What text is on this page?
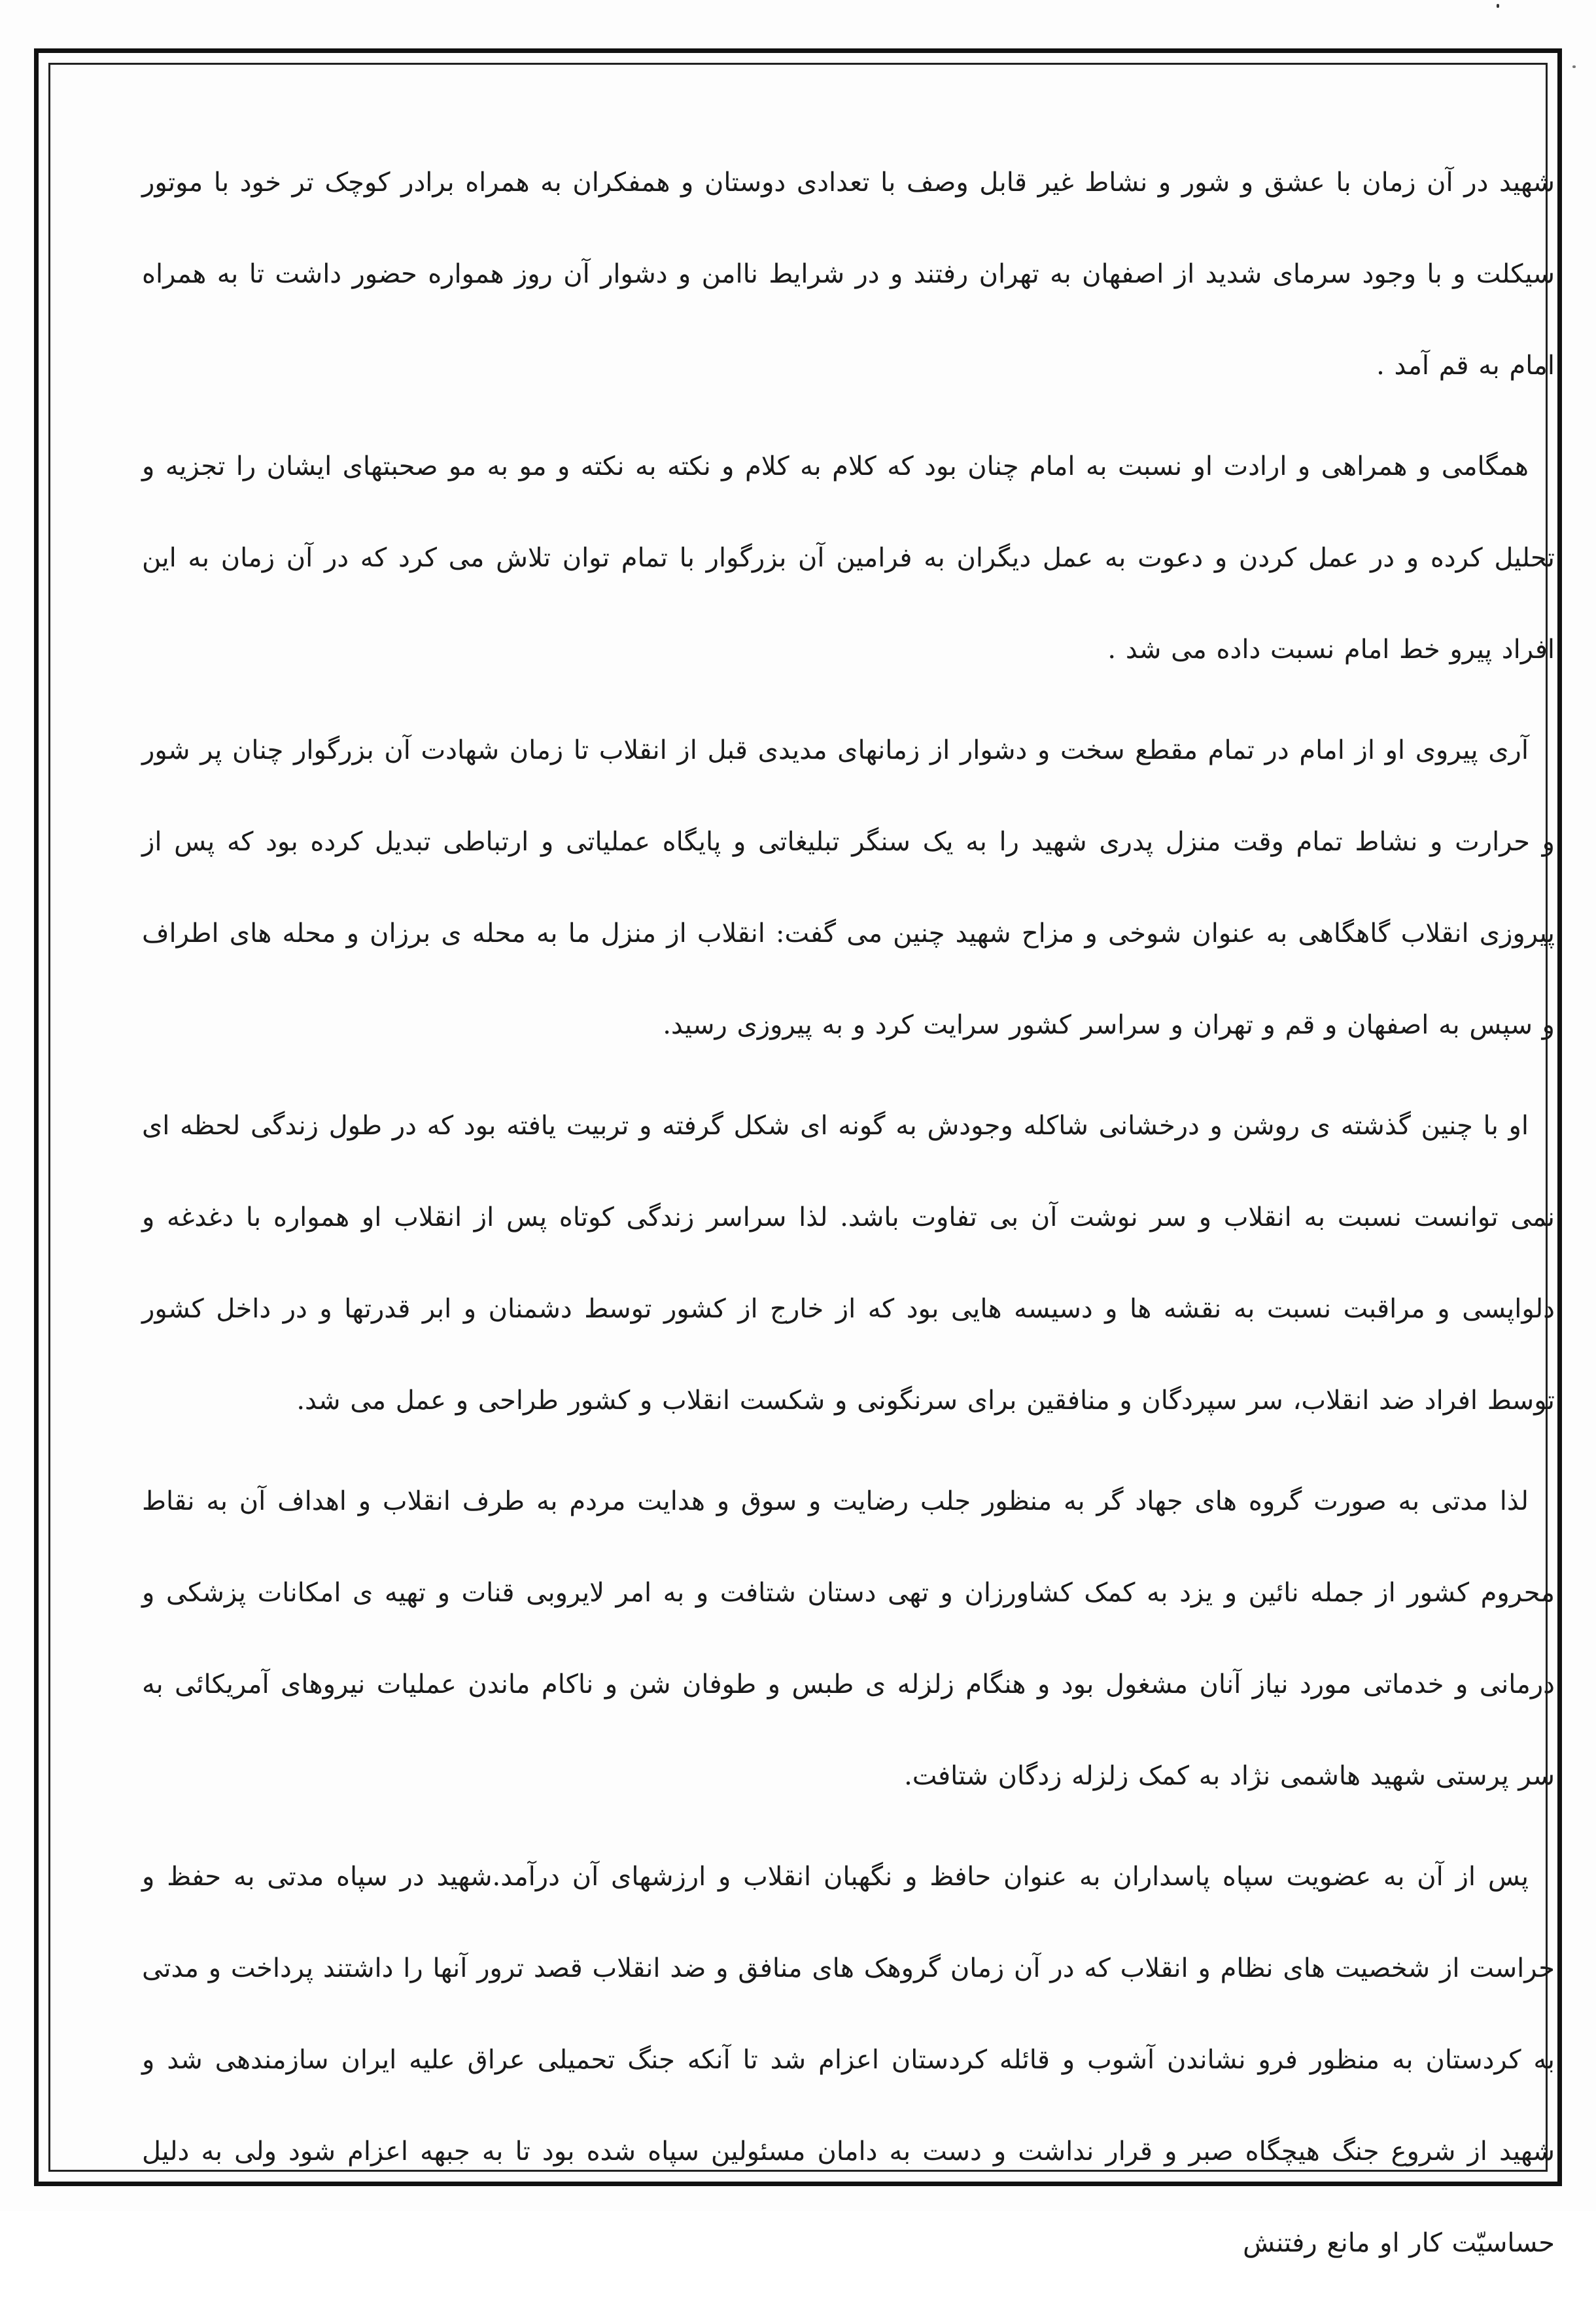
شهید در آن زمان با عشق و شور و نشاط غیر قابل وصف با تعدادی دوستان و همفکران به همراه برادر کوچک تر خود با موتور سیکلت و با وجود سرمای شدید از اصفهان به تهران رفتند و در شرایط ناامن و دشوار آن روز همواره حضور داشت تا به همراه امام به قم آمد .

همگامی و همراهی و ارادت او نسبت به امام چنان بود که کلام به کلام و نکته به نکته و مو به مو صحبتهای ایشان را تجزیه و تحلیل کرده و در عمل کردن و دعوت به عمل دیگران به فرامین آن بزرگوار با تمام توان تلاش می کرد که در آن زمان به این افراد پیرو خط امام نسبت داده می شد .

آری پیروی او از امام در تمام مقطع سخت و دشوار از زمانهای مدیدی قبل از انقلاب تا زمان شهادت آن بزرگوار چنان پر شور و حرارت و نشاط تمام وقت منزل پدری شهید را به یک سنگر تبلیغاتی و پایگاه عملیاتی و ارتباطی تبدیل کرده بود که پس از پیروزی انقلاب گاهگاهی به عنوان شوخی و مزاح شهید چنین می گفت: انقلاب از منزل ما به محله ی برزان و محله های اطراف و سپس به اصفهان و قم و تهران و سراسر کشور سرایت کرد و به پیروزی رسید.

او با چنین گذشته ی روشن و درخشانی شاکله وجودش به گونه ای شکل گرفته و تربیت یافته بود که در طول زندگی لحظه ای نمی توانست نسبت به انقلاب و سر نوشت آن بی تفاوت باشد. لذا سراسر زندگی کوتاه پس از انقلاب او همواره با دغدغه و دلواپسی و مراقبت نسبت به نقشه ها و دسیسه هایی بود که از خارج از کشور توسط دشمنان و ابر قدرتها و در داخل کشور توسط افراد ضد انقلاب، سر سپردگان و منافقین برای سرنگونی و شکست انقلاب و کشور طراحی و عمل می شد.

لذا مدتی به صورت گروه های جهاد گر به منظور جلب رضایت و سوق و هدایت مردم به طرف انقلاب و اهداف آن به نقاط محروم کشور از جمله نائین و یزد به کمک کشاورزان و تهی دستان شتافت و به امر لایروبی قنات و تهیه ی امکانات پزشکی و درمانی و خدماتی مورد نیاز آنان مشغول بود و هنگام زلزله ی طبس و طوفان شن و ناکام ماندن عملیات نیروهای آمریکائی به سر پرستی شهید هاشمی نژاد به کمک زلزله زدگان شتافت.

پس از آن به عضویت سپاه پاسداران به عنوان حافظ و نگهبان انقلاب و ارزشهای آن درآمد.شهید در سپاه مدتی به حفظ و حراست از شخصیت های نظام و انقلاب که در آن زمان گروهک های منافق و ضد انقلاب قصد ترور آنها را داشتند پرداخت و مدتی به کردستان به منظور فرو نشاندن آشوب و قائله کردستان اعزام شد تا آنکه جنگ تحمیلی عراق علیه ایران سازمندهی شد و شهید از شروع جنگ هیچگاه صبر و قرار نداشت و دست به دامان مسئولین سپاه شده بود تا به جبهه اعزام شود ولی به دلیل حساسیّت کار او مانع رفتنش
